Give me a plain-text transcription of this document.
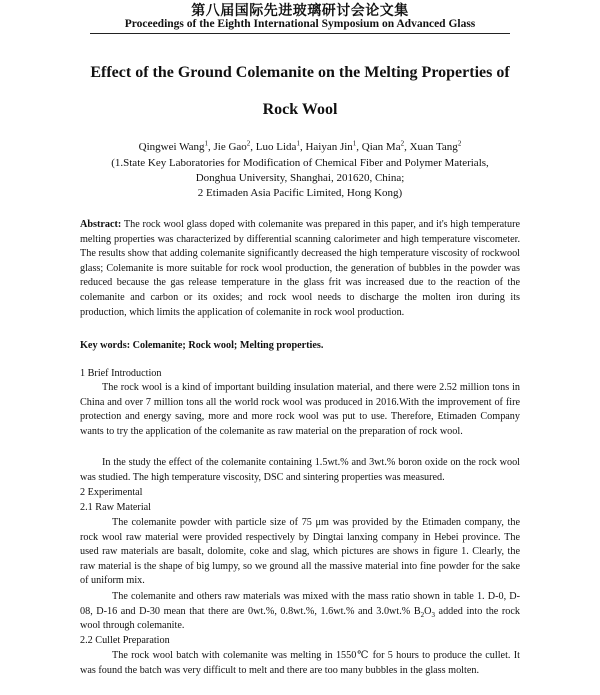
第八届国际先进玻璃研讨会论文集
Proceedings of the Eighth International Symposium on Advanced Glass
Effect of the Ground Colemanite on the Melting Properties of
Rock Wool
Qingwei Wang$^1$, Jie Gao$^2$, Luo Lida$^1$, Haiyan Jin$^1$, Qian Ma$^2$, Xuan Tang$^2$
(1.State Key Laboratories for Modification of Chemical Fiber and Polymer Materials,
Donghua University, Shanghai, 201620, China;
2 Etimaden Asia Pacific Limited, Hong Kong)
Abstract: The rock wool glass doped with colemanite was prepared in this paper, and it's high temperature melting properties was characterized by differential scanning calorimeter and high temperature viscometer. The results show that adding colemanite significantly decreased the high temperature viscosity of rockwool glass; Colemanite is more suitable for rock wool production, the generation of bubbles in the powder was reduced because the gas release temperature in the glass frit was increased due to the reaction of the colemanite and carbon or its oxides; and rock wool needs to discharge the molten iron during its production, which limits the application of colemanite in rock wool production.
Key words: Colemanite; Rock wool; Melting properties.
1 Brief Introduction
The rock wool is a kind of important building insulation material, and there were 2.52 million tons in China and over 7 million tons all the world rock wool was produced in 2016.With the improvement of fire protection and energy saving, more and more rock wool was put to use. Therefore, Etimaden Company wants to try the application of the colemanite as raw material on the preparation of rock wool.
In the study the effect of the colemanite containing 1.5wt.% and 3wt.% boron oxide on the rock wool was studied. The high temperature viscosity, DSC and sintering properties was measured.
2 Experimental
2.1 Raw Material
The colemanite powder with particle size of 75 μm was provided by the Etimaden company, the rock wool raw material were provided respectively by Dingtai lanxing company in Hebei province. The used raw materials are basalt, dolomite, coke and slag, which pictures are shows in figure 1. Clearly, the raw material is the shape of big lumpy, so we ground all the massive material into fine powder for the sake of uniform mix.
The colemanite and others raw materials was mixed with the mass ratio shown in table 1. D-0, D-08, D-16 and D-30 mean that there are 0wt.%, 0.8wt.%, 1.6wt.% and 3.0wt.% $B_2O_3$ added into the rock wool through colemanite.
2.2 Cullet Preparation
The rock wool batch with colemanite was melting in 1550℃ for 5 hours to produce the cullet. It was found the batch was very difficult to melt and there are too many bubbles in the glass molten.
